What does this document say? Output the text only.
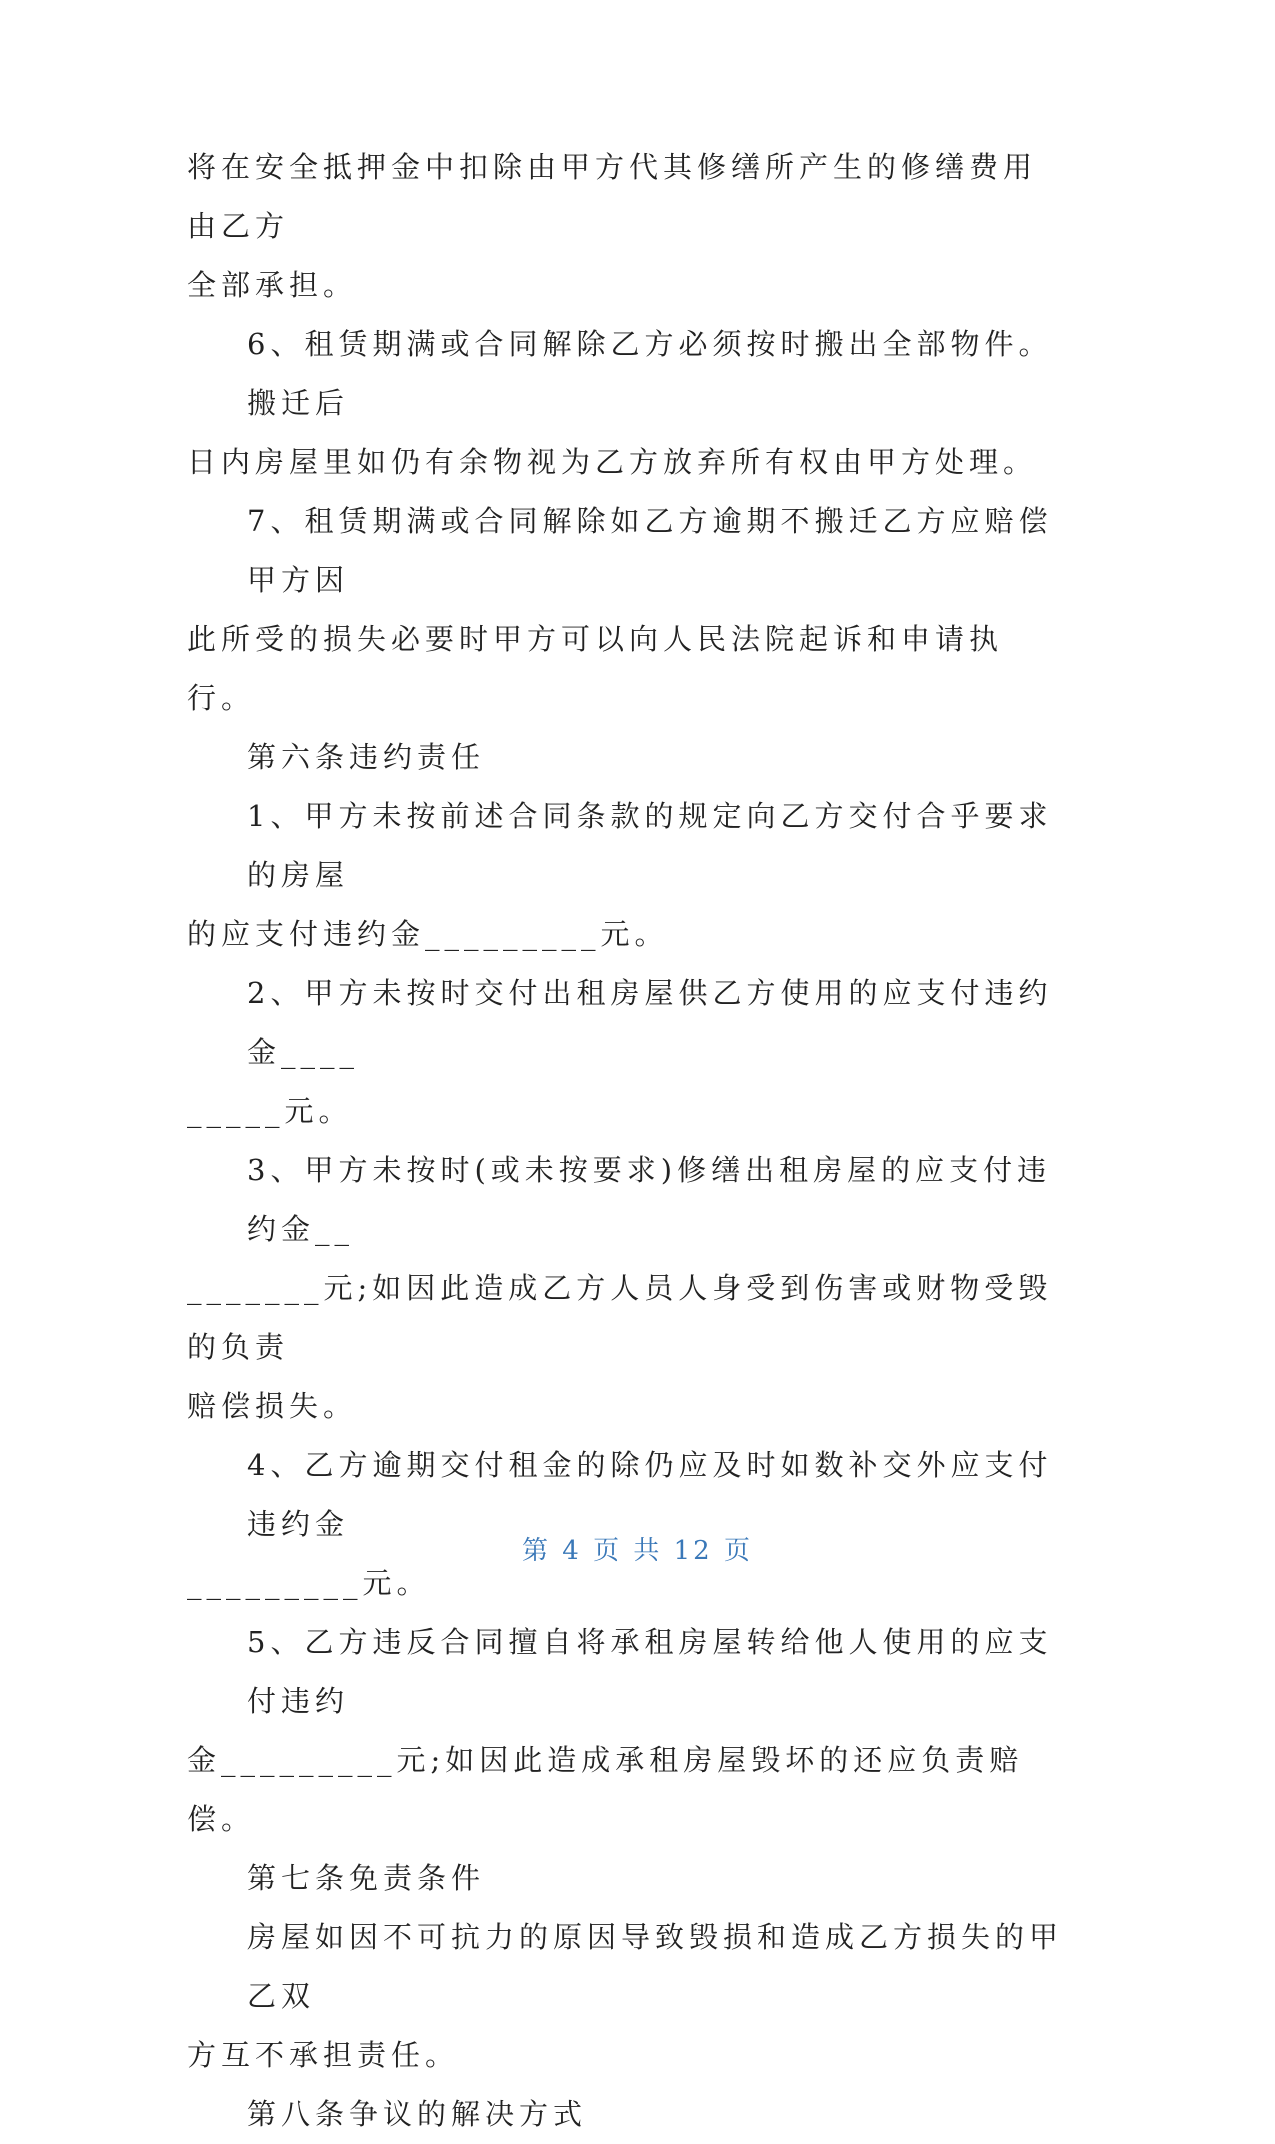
将在安全抵押金中扣除由甲方代其修缮所产生的修缮费用由乙方

全部承担。

6、租赁期满或合同解除乙方必须按时搬出全部物件。搬迁后

日内房屋里如仍有余物视为乙方放弃所有权由甲方处理。

7、租赁期满或合同解除如乙方逾期不搬迁乙方应赔偿甲方因

此所受的损失必要时甲方可以向人民法院起诉和申请执行。

第六条违约责任

1、甲方未按前述合同条款的规定向乙方交付合乎要求的房屋

的应支付违约金_________元。

2、甲方未按时交付出租房屋供乙方使用的应支付违约金____

_____元。

3、甲方未按时(或未按要求)修缮出租房屋的应支付违约金__

_______元;如因此造成乙方人员人身受到伤害或财物受毁的负责

赔偿损失。

4、乙方逾期交付租金的除仍应及时如数补交外应支付违约金

_________元。

5、乙方违反合同擅自将承租房屋转给他人使用的应支付违约

金_________元;如因此造成承租房屋毁坏的还应负责赔偿。

第七条免责条件

房屋如因不可抗力的原因导致毁损和造成乙方损失的甲乙双

方互不承担责任。

第八条争议的解决方式

第 4 页 共 12 页
